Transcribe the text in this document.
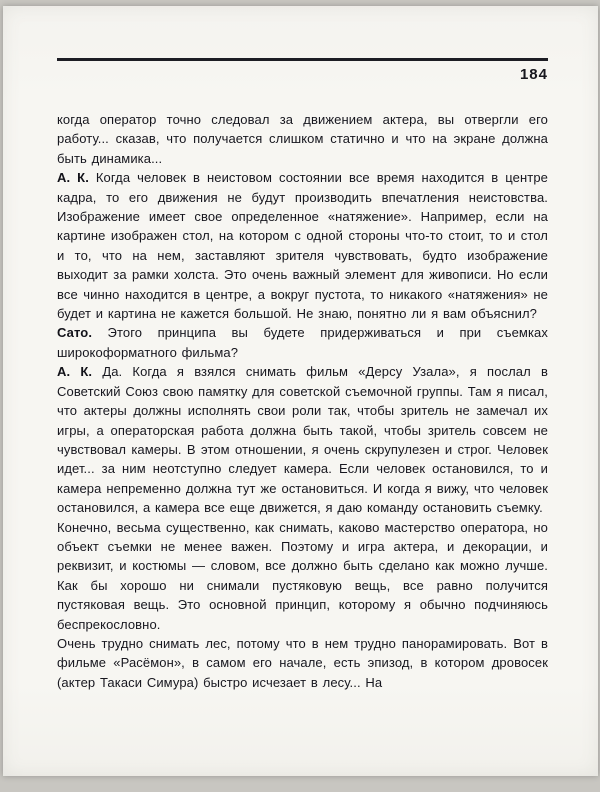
184

когда оператор точно следовал за движением актера, вы отвергли его работу... сказав, что получается слишком статично и что на экране должна быть динамика...

А. К. Когда человек в неистовом состоянии все время находится в центре кадра, то его движения не будут производить впечатления неистовства. Изображение имеет свое определенное «натяжение». Например, если на картине изображен стол, на котором с одной стороны что-то стоит, то и стол и то, что на нем, заставляют зрителя чувствовать, будто изображение выходит за рамки холста. Это очень важный элемент для живописи. Но если все чинно находится в центре, а вокруг пустота, то никакого «натяжения» не будет и картина не кажется большой. Не знаю, понятно ли я вам объяснил?

Сато. Этого принципа вы будете придерживаться и при съемках широкоформатного фильма?

А. К. Да. Когда я взялся снимать фильм «Дерсу Узала», я послал в Советский Союз свою памятку для советской съемочной группы. Там я писал, что актеры должны исполнять свои роли так, чтобы зритель не замечал их игры, а операторская работа должна быть такой, чтобы зритель совсем не чувствовал камеры. В этом отношении, я очень скрупулезен и строг. Человек идет... за ним неотступно следует камера. Если человек остановился, то и камера непременно должна тут же остановиться. И когда я вижу, что человек остановился, а камера все еще движется, я даю команду остановить съемку.

Конечно, весьма существенно, как снимать, каково мастерство оператора, но объект съемки не менее важен. Поэтому и игра актера, и декорации, и реквизит, и костюмы — словом, все должно быть сделано как можно лучше. Как бы хорошо ни снимали пустяковую вещь, все равно получится пустяковая вещь. Это основной принцип, которому я обычно подчиняюсь беспрекословно.

Очень трудно снимать лес, потому что в нем трудно панорамировать. Вот в фильме «Расёмон», в самом его начале, есть эпизод, в котором дровосек (актер Такаси Симура) быстро исчезает в лесу... На
